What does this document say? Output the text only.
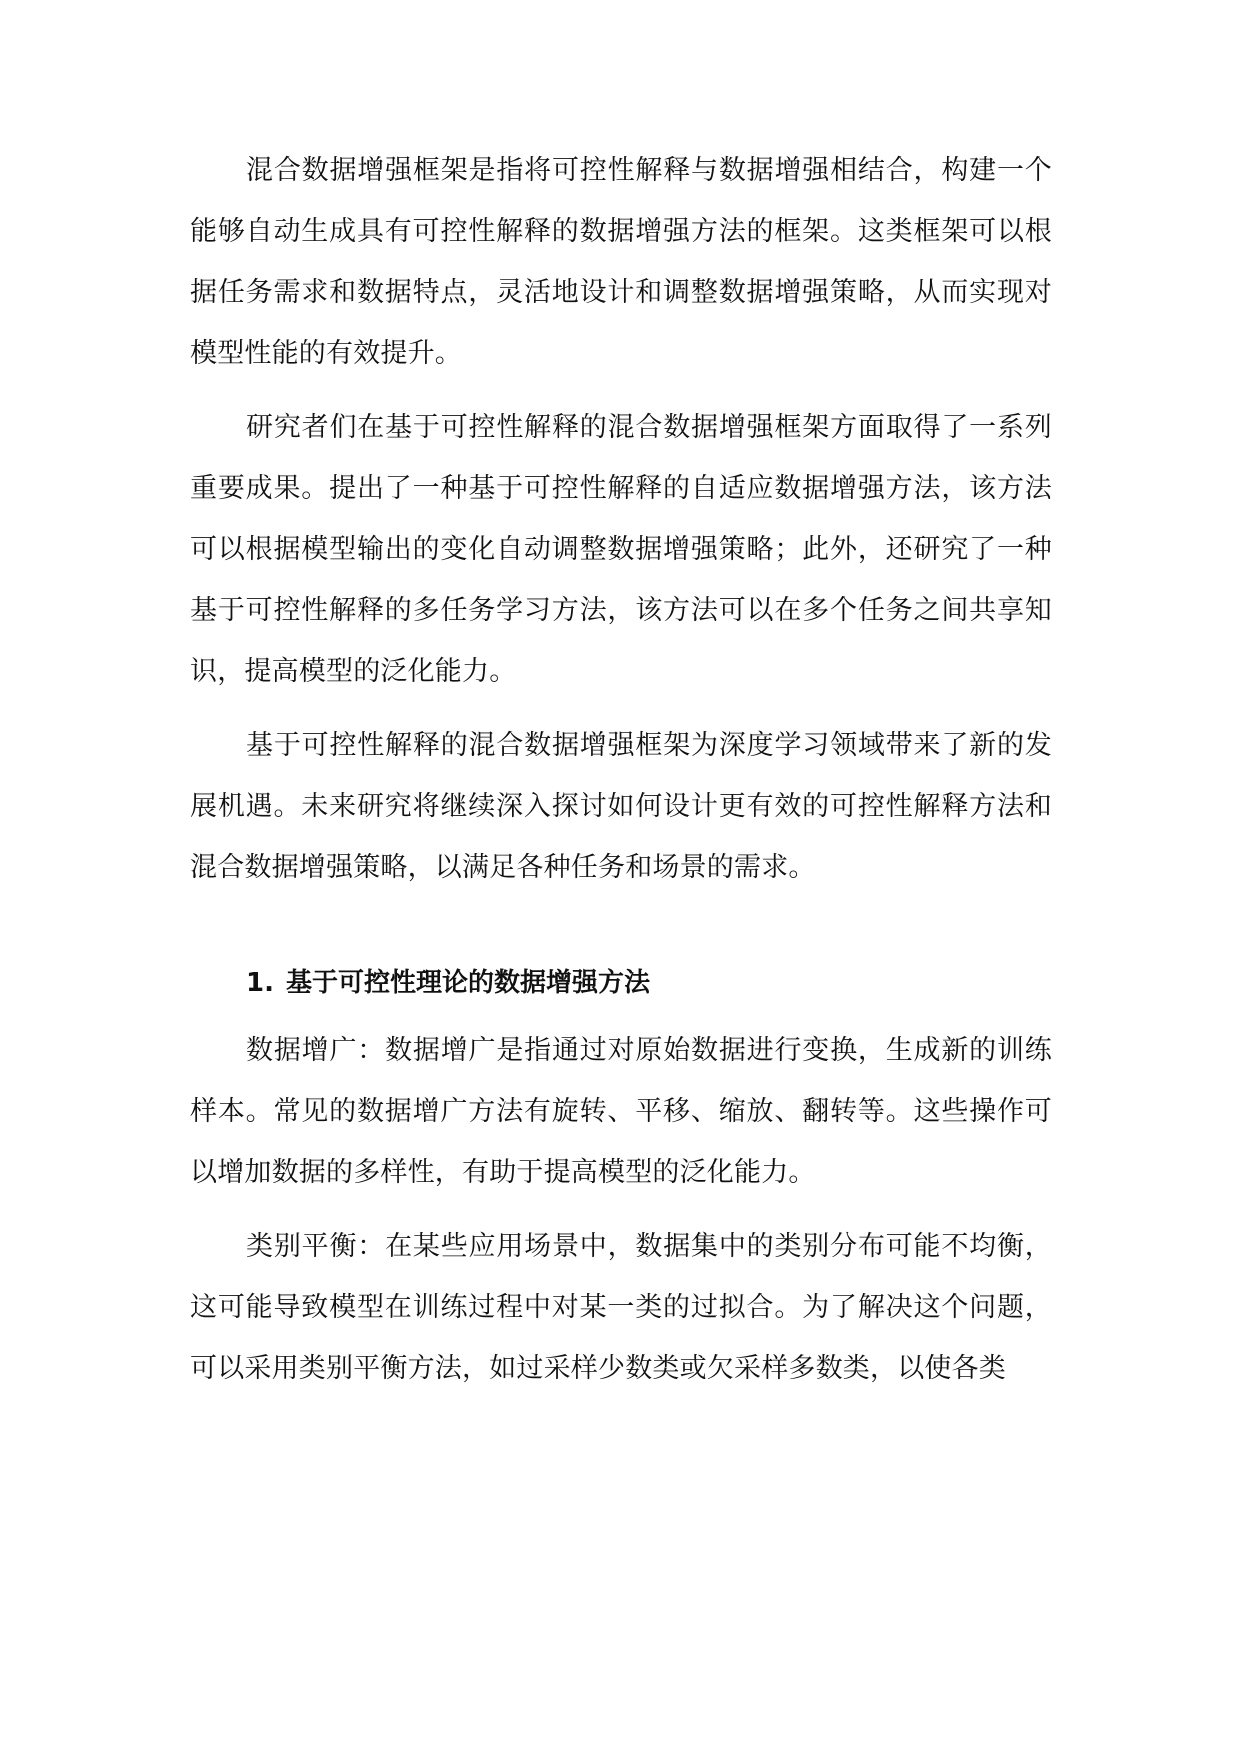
混合数据增强框架是指将可控性解释与数据增强相结合，构建一个能够自动生成具有可控性解释的数据增强方法的框架。这类框架可以根据任务需求和数据特点，灵活地设计和调整数据增强策略，从而实现对模型性能的有效提升。

研究者们在基于可控性解释的混合数据增强框架方面取得了一系列重要成果。提出了一种基于可控性解释的自适应数据增强方法，该方法可以根据模型输出的变化自动调整数据增强策略；此外，还研究了一种基于可控性解释的多任务学习方法，该方法可以在多个任务之间共享知识，提高模型的泛化能力。

基于可控性解释的混合数据增强框架为深度学习领域带来了新的发展机遇。未来研究将继续深入探讨如何设计更有效的可控性解释方法和混合数据增强策略，以满足各种任务和场景的需求。

1. 基于可控性理论的数据增强方法

数据增广：数据增广是指通过对原始数据进行变换，生成新的训练样本。常见的数据增广方法有旋转、平移、缩放、翻转等。这些操作可以增加数据的多样性，有助于提高模型的泛化能力。

类别平衡：在某些应用场景中，数据集中的类别分布可能不均衡，这可能导致模型在训练过程中对某一类的过拟合。为了解决这个问题，可以采用类别平衡方法，如过采样少数类或欠采样多数类，以使各类
